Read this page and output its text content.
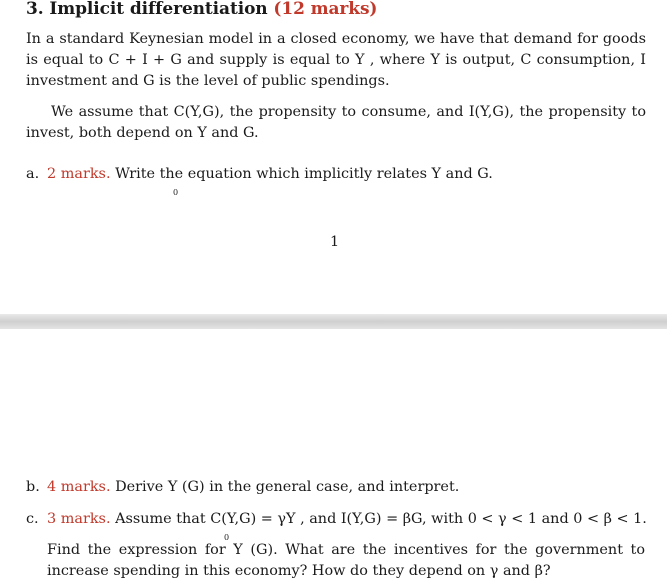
3. Implicit differentiation (12 marks)

In a standard Keynesian model in a closed economy, we have that demand for goods is equal to C + I + G and supply is equal to Y , where Y is output, C consumption, I investment and G is the level of public spendings.

We assume that C(Y,G), the propensity to consume, and I(Y,G), the propensity to invest, both depend on Y and G.

a. 2 marks. Write the equation which implicitly relates Y and G.

0
1

b. 4 marks. Derive Y (G) in the general case, and interpret.

c. 3 marks. Assume that C(Y,G) = γY , and I(Y,G) = βG, with 0 < γ < 1 and 0 < β < 1.

0

Find the expression for Y (G). What are the incentives for the government to increase spending in this economy? How do they depend on γ and β?
